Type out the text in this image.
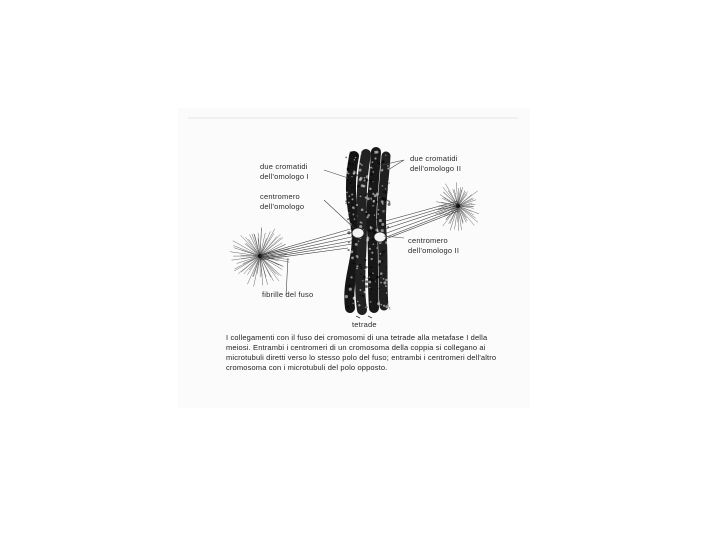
due cromatidi
dell'omologo II
due cromatidi
dell'omologo I
centromero
dell'omologo
centromero
dell'omologo II
fibrille del fuso
tetrade

I collegamenti con il fuso dei cromosomi di una tetrade alla metafase I della meiosi. Entrambi i centromeri di un cromosoma della coppia si collegano ai microtubuli diretti verso lo stesso polo del fuso; entrambi i centromeri dell'altro cromosoma con i microtubuli del polo opposto.
